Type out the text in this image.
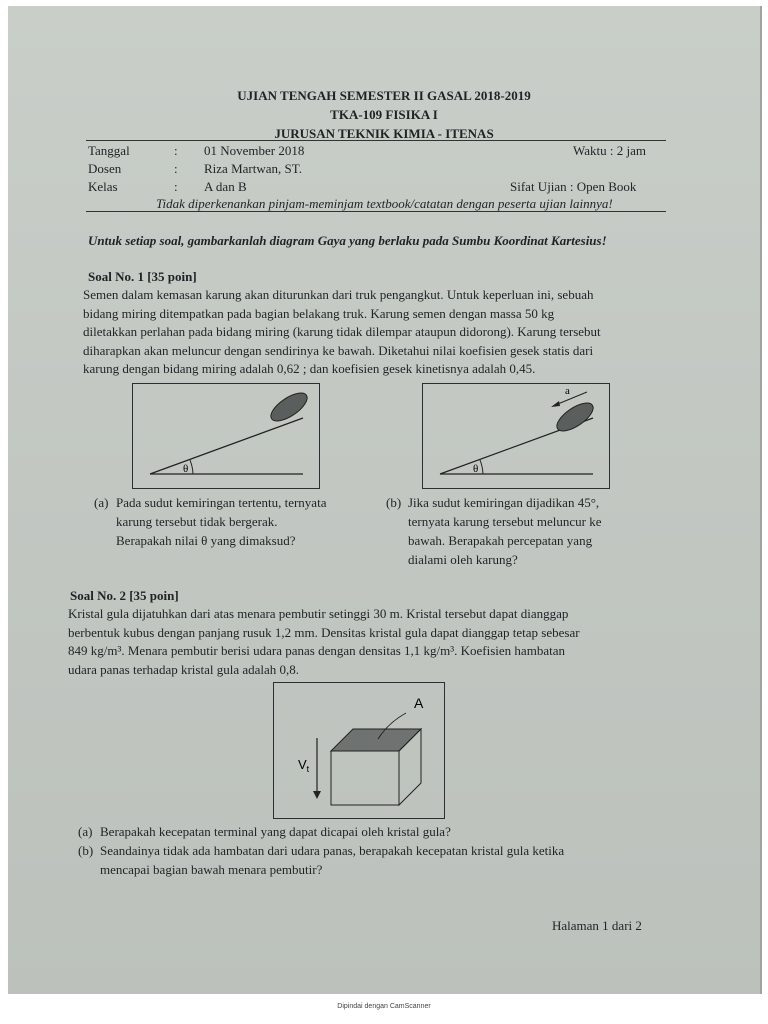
UJIAN TENGAH SEMESTER II GASAL 2018-2019
TKA-109 FISIKA I
JURUSAN TEKNIK KIMIA - ITENAS
Tanggal	: 01 November 2018	Waktu : 2 jam
Dosen	: Riza Martwan, ST.
Kelas	: A dan B	Sifat Ujian : Open Book
Tidak diperkenankan pinjam-meminjam textbook/catatan dengan peserta ujian lainnya!
Untuk setiap soal, gambarkanlah diagram Gaya yang berlaku pada Sumbu Koordinat Kartesius!
Soal No. 1 [35 poin]
Semen dalam kemasan karung akan diturunkan dari truk pengangkut. Untuk keperluan ini, sebuah
bidang miring ditempatkan pada bagian belakang truk. Karung semen dengan massa 50 kg
diletakkan perlahan pada bidang miring (karung tidak dilempar ataupun didorong). Karung tersebut
diharapkan akan meluncur dengan sendirinya ke bawah. Diketahui nilai koefisien gesek statis dari
karung dengan bidang miring adalah 0,62 ; dan koefisien gesek kinetisnya adalah 0,45.
θ	θ
a
(a) Pada sudut kemiringan tertentu, ternyata
karung tersebut tidak bergerak.
Berapakah nilai θ yang dimaksud?
(b) Jika sudut kemiringan dijadikan 45°,
ternyata karung tersebut meluncur ke
bawah. Berapakah percepatan yang
dialami oleh karung?
Soal No. 2 [35 poin]
Kristal gula dijatuhkan dari atas menara pembutir setinggi 30 m. Kristal tersebut dapat dianggap
berbentuk kubus dengan panjang rusuk 1,2 mm. Densitas kristal gula dapat dianggap tetap sebesar
849 kg/m³. Menara pembutir berisi udara panas dengan densitas 1,1 kg/m³. Koefisien hambatan
udara panas terhadap kristal gula adalah 0,8.
A
$V_t$
(a) Berapakah kecepatan terminal yang dapat dicapai oleh kristal gula?
(b) Seandainya tidak ada hambatan dari udara panas, berapakah kecepatan kristal gula ketika
mencapai bagian bawah menara pembutir?
Halaman 1 dari 2
Dipindai dengan CamScanner
